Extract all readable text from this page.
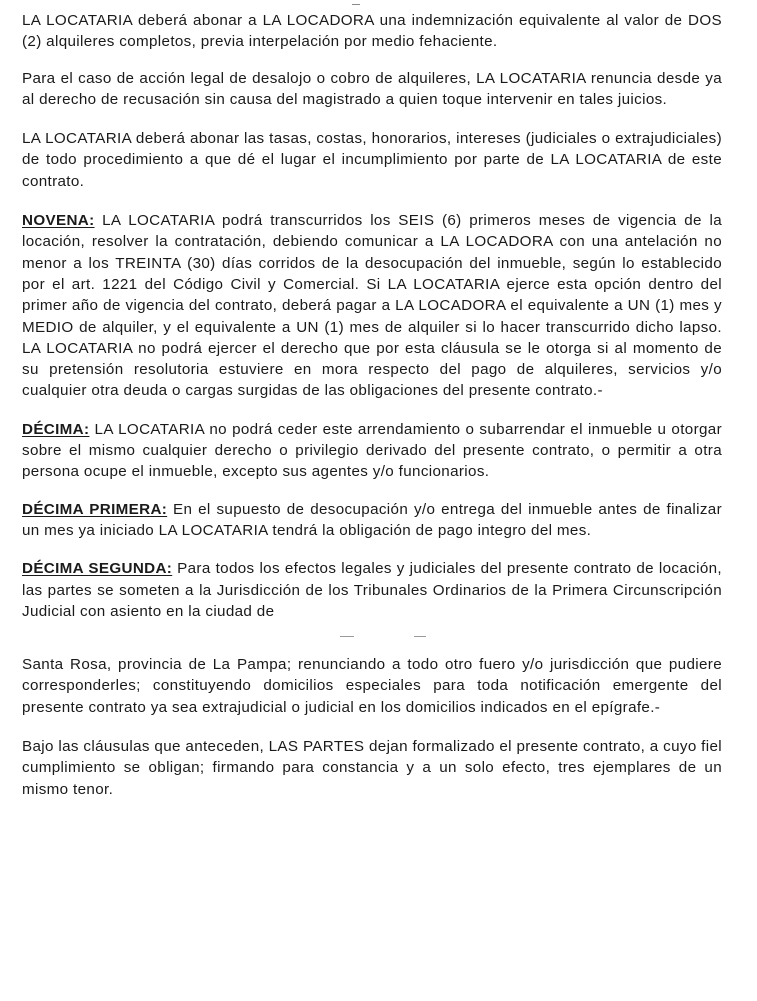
LA LOCATARIA deberá abonar a LA LOCADORA una indemnización equivalente al valor de DOS (2) alquileres completos, previa interpelación por medio fehaciente.

Para el caso de acción legal de desalojo o cobro de alquileres, LA LOCATARIA renuncia desde ya al derecho de recusación sin causa del magistrado a quien toque intervenir en tales juicios.

LA LOCATARIA deberá abonar las tasas, costas, honorarios, intereses (judiciales o extrajudiciales) de todo procedimiento a que dé el lugar el incumplimiento por parte de LA LOCATARIA de este contrato.

NOVENA: LA LOCATARIA podrá transcurridos los SEIS (6) primeros meses de vigencia de la locación, resolver la contratación, debiendo comunicar a LA LOCADORA con una antelación no menor a los TREINTA (30) días corridos de la desocupación del inmueble, según lo establecido por el art. 1221 del Código Civil y Comercial. Si LA LOCATARIA ejerce esta opción dentro del primer año de vigencia del contrato, deberá pagar a LA LOCADORA el equivalente a UN (1) mes y MEDIO de alquiler, y el equivalente a UN (1) mes de alquiler si lo hacer transcurrido dicho lapso. LA LOCATARIA no podrá ejercer el derecho que por esta cláusula se le otorga si al momento de su pretensión resolutoria estuviere en mora respecto del pago de alquileres, servicios y/o cualquier otra deuda o cargas surgidas de las obligaciones del presente contrato.-

DÉCIMA: LA LOCATARIA no podrá ceder este arrendamiento o subarrendar el inmueble u otorgar sobre el mismo cualquier derecho o privilegio derivado del presente contrato, o permitir a otra persona ocupe el inmueble, excepto sus agentes y/o funcionarios.

DÉCIMA PRIMERA: En el supuesto de desocupación y/o entrega del inmueble antes de finalizar un mes ya iniciado LA LOCATARIA tendrá la obligación de pago integro del mes.

DÉCIMA SEGUNDA: Para todos los efectos legales y judiciales del presente contrato de locación, las partes se someten a la Jurisdicción de los Tribunales Ordinarios de la Primera Circunscripción Judicial con asiento en la ciudad de

Santa Rosa, provincia de La Pampa; renunciando a todo otro fuero y/o jurisdicción que pudiere corresponderles; constituyendo domicilios especiales para toda notificación emergente del presente contrato ya sea extrajudicial o judicial en los domicilios indicados en el epígrafe.-

Bajo las cláusulas que anteceden, LAS PARTES dejan formalizado el presente contrato, a cuyo fiel cumplimiento se obligan; firmando para constancia y a un solo efecto, tres ejemplares de un mismo tenor.
